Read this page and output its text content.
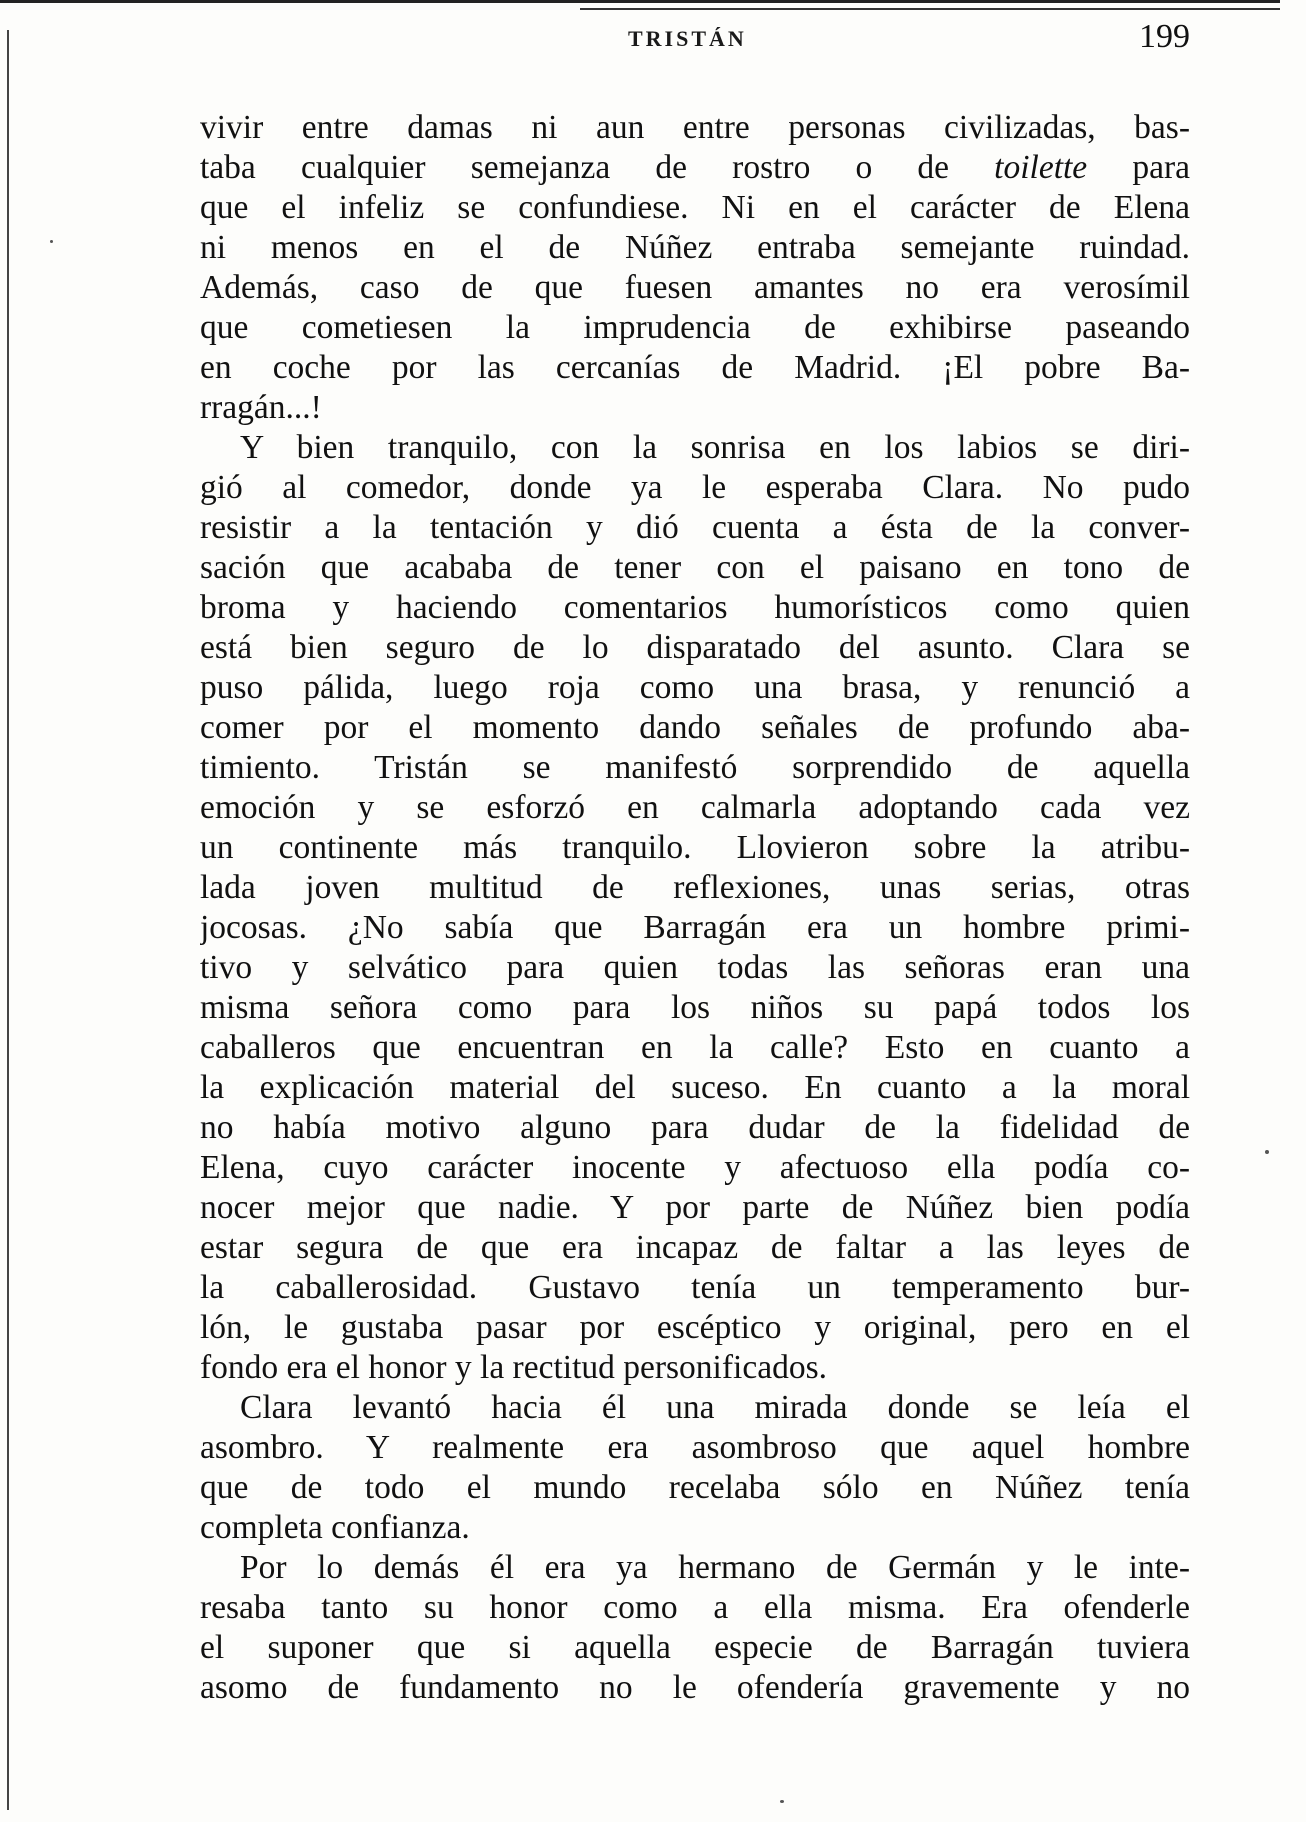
TRISTÁN	199
vivir entre damas ni aun entre personas civilizadas, bas-
taba cualquier semejanza de rostro o de toilette para
que el infeliz se confundiese. Ni en el carácter de Elena
ni menos en el de Núñez entraba semejante ruindad.
Además, caso de que fuesen amantes no era verosímil
que cometiesen la imprudencia de exhibirse paseando
en coche por las cercanías de Madrid. ¡El pobre Ba-
rragán...!
Y bien tranquilo, con la sonrisa en los labios se diri-
gió al comedor, donde ya le esperaba Clara. No pudo
resistir a la tentación y dió cuenta a ésta de la conver-
sación que acababa de tener con el paisano en tono de
broma y haciendo comentarios humorísticos como quien
está bien seguro de lo disparatado del asunto. Clara se
puso pálida, luego roja como una brasa, y renunció a
comer por el momento dando señales de profundo aba-
timiento. Tristán se manifestó sorprendido de aquella
emoción y se esforzó en calmarla adoptando cada vez
un continente más tranquilo. Llovieron sobre la atribu-
lada joven multitud de reflexiones, unas serias, otras
jocosas. ¿No sabía que Barragán era un hombre primi-
tivo y selvático para quien todas las señoras eran una
misma señora como para los niños su papá todos los
caballeros que encuentran en la calle? Esto en cuanto a
la explicación material del suceso. En cuanto a la moral
no había motivo alguno para dudar de la fidelidad de
Elena, cuyo carácter inocente y afectuoso ella podía co-
nocer mejor que nadie. Y por parte de Núñez bien podía
estar segura de que era incapaz de faltar a las leyes de
la caballerosidad. Gustavo tenía un temperamento bur-
lón, le gustaba pasar por escéptico y original, pero en el
fondo era el honor y la rectitud personificados.
Clara levantó hacia él una mirada donde se leía el
asombro. Y realmente era asombroso que aquel hombre
que de todo el mundo recelaba sólo en Núñez tenía
completa confianza.
Por lo demás él era ya hermano de Germán y le inte-
resaba tanto su honor como a ella misma. Era ofenderle
el suponer que si aquella especie de Barragán tuviera
asomo de fundamento no le ofendería gravemente y no
